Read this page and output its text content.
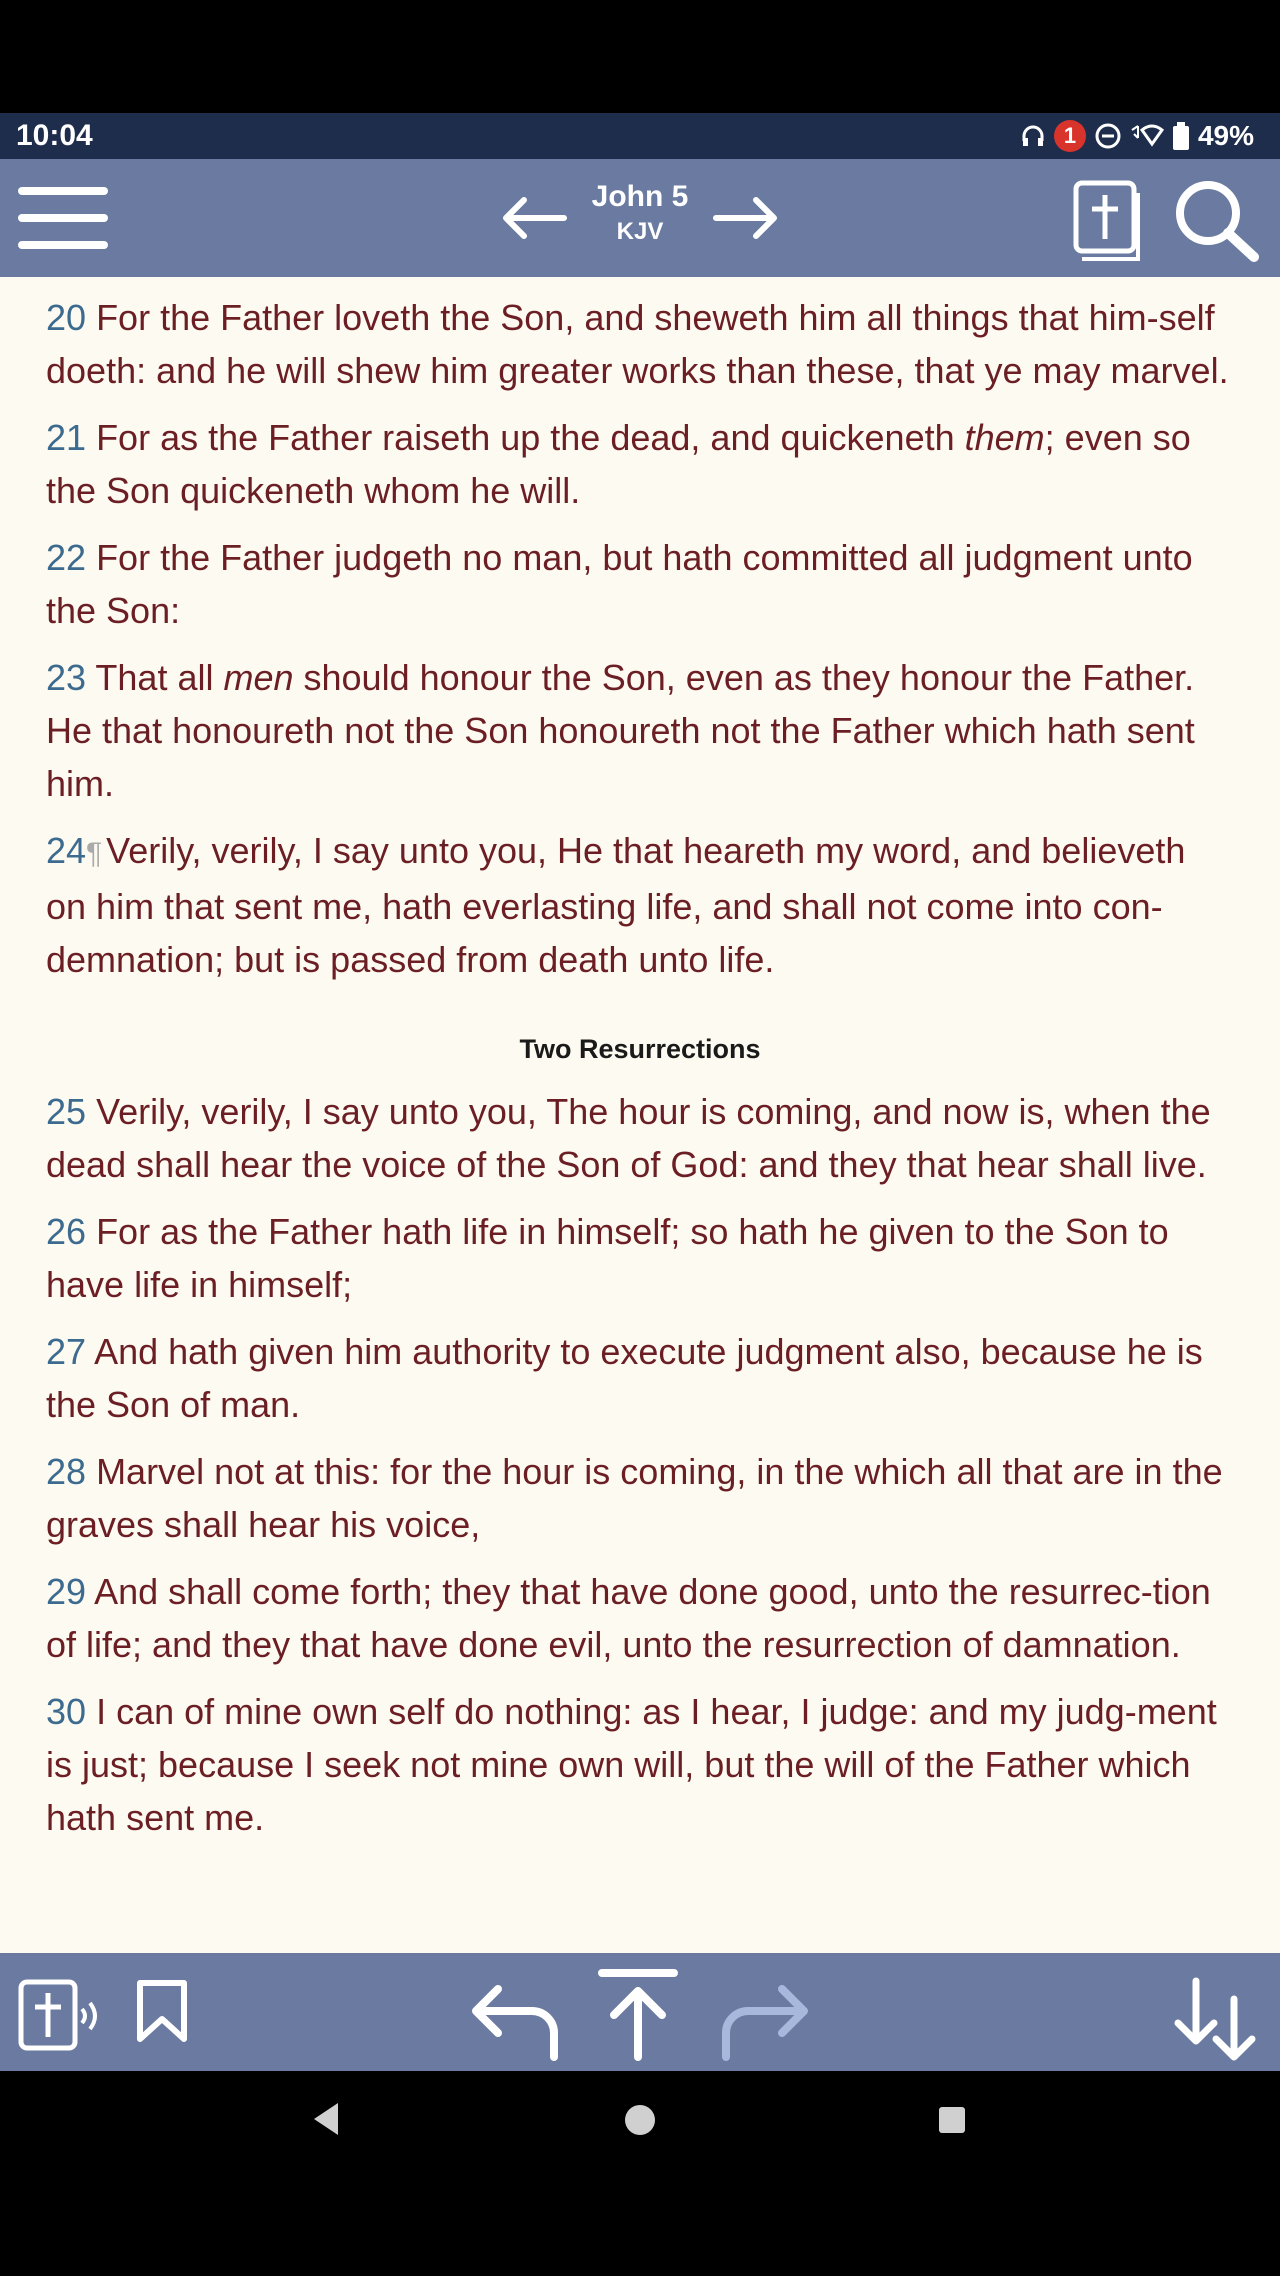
10:04	1	49%
John 5
KJV

20 For the Father loveth the Son, and sheweth him all things that him-self doeth: and he will shew him greater works than these, that ye may marvel.

21 For as the Father raiseth up the dead, and quickeneth them; even so the Son quickeneth whom he will.

22 For the Father judgeth no man, but hath committed all judgment unto the Son:

23 That all men should honour the Son, even as they honour the Father. He that honoureth not the Son honoureth not the Father which hath sent him.

24¶ Verily, verily, I say unto you, He that heareth my word, and believeth on him that sent me, hath everlasting life, and shall not come into con-demnation; but is passed from death unto life.

Two Resurrections

25 Verily, verily, I say unto you, The hour is coming, and now is, when the dead shall hear the voice of the Son of God: and they that hear shall live.

26 For as the Father hath life in himself; so hath he given to the Son to have life in himself;

27 And hath given him authority to execute judgment also, because he is the Son of man.

28 Marvel not at this: for the hour is coming, in the which all that are in the graves shall hear his voice,

29 And shall come forth; they that have done good, unto the resurrec-tion of life; and they that have done evil, unto the resurrection of damnation.

30 I can of mine own self do nothing: as I hear, I judge: and my judg-ment is just; because I seek not mine own will, but the will of the Father which hath sent me.
